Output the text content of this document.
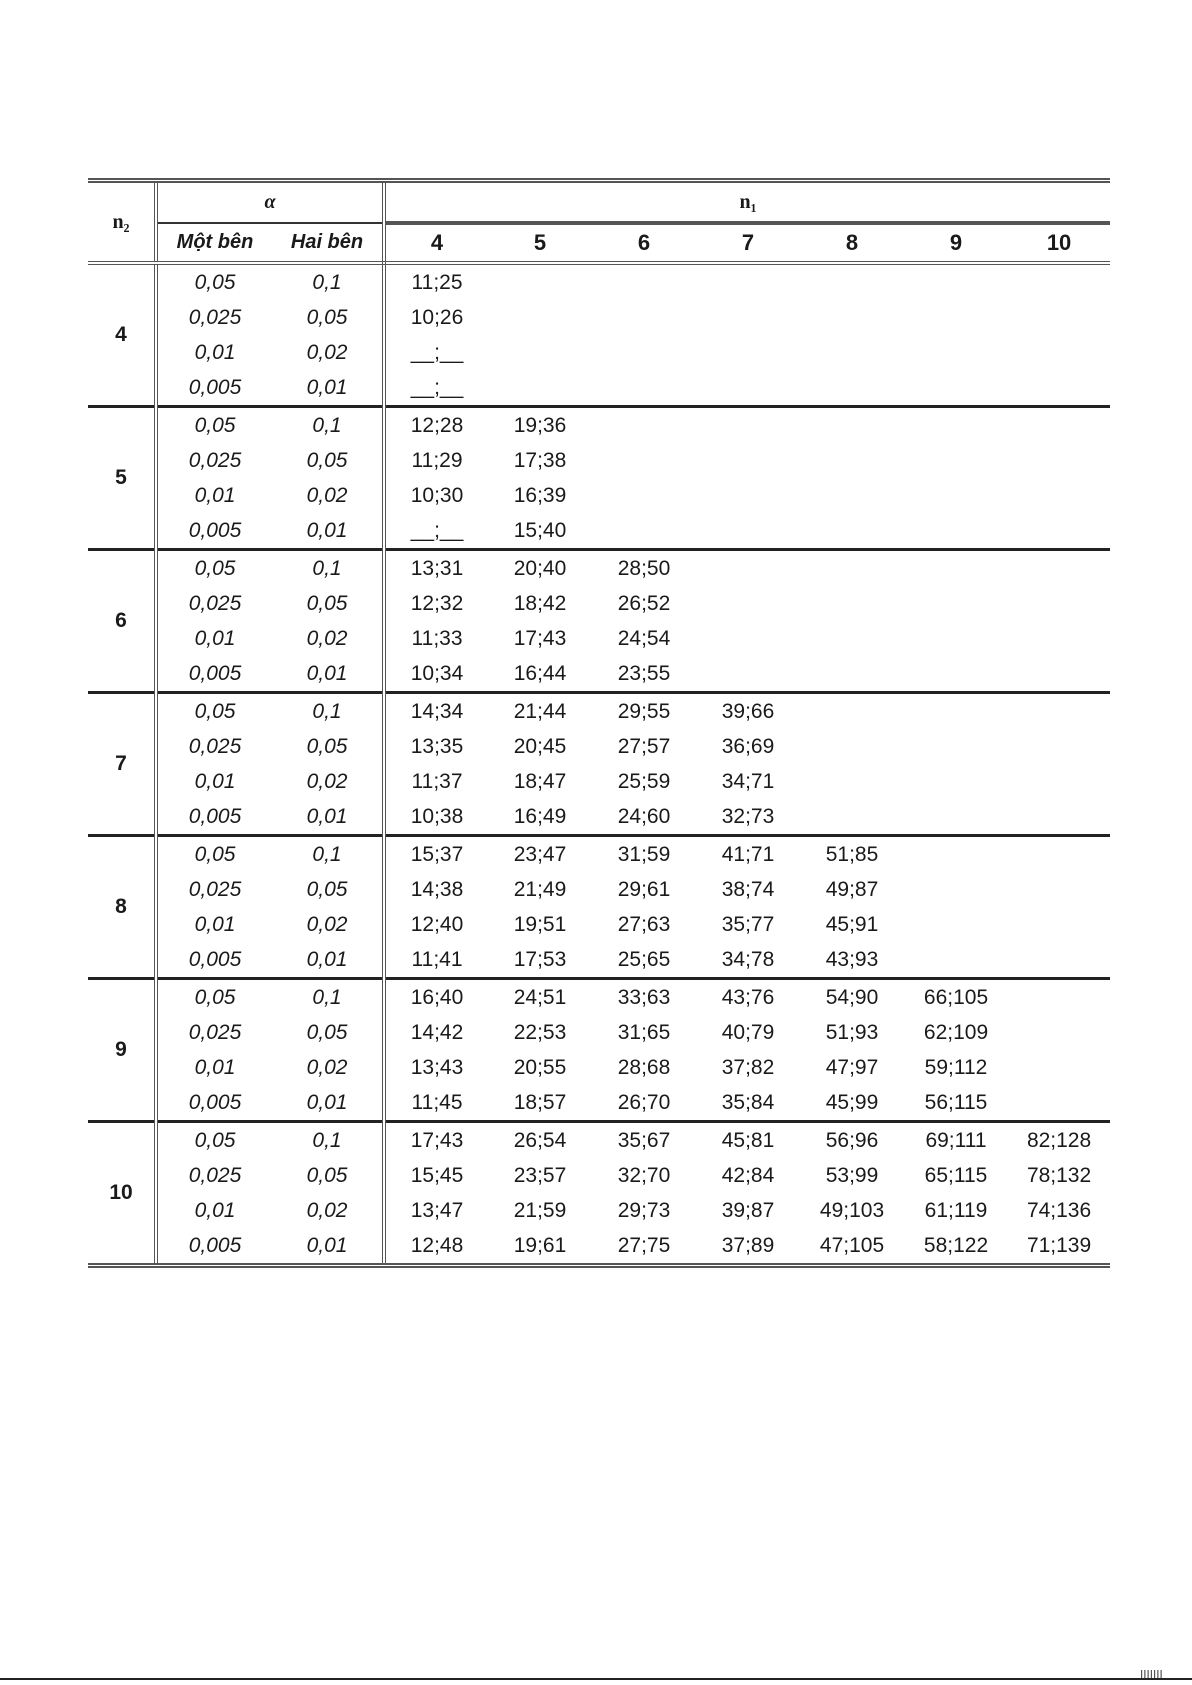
n₂	α		n₁						
	Một bên	Hai bên	4	5	6	7	8	9	10
4	0,05	0,1	11;25						
	0,025	0,05	10;26						
	0,01	0,02	__;__						
	0,005	0,01	__;__						
5	0,05	0,1	12;28	19;36					
	0,025	0,05	11;29	17;38					
	0,01	0,02	10;30	16;39					
	0,005	0,01	__;__	15;40					
6	0,05	0,1	13;31	20;40	28;50				
	0,025	0,05	12;32	18;42	26;52				
	0,01	0,02	11;33	17;43	24;54				
	0,005	0,01	10;34	16;44	23;55				
7	0,05	0,1	14;34	21;44	29;55	39;66			
	0,025	0,05	13;35	20;45	27;57	36;69			
	0,01	0,02	11;37	18;47	25;59	34;71			
	0,005	0,01	10;38	16;49	24;60	32;73			
8	0,05	0,1	15;37	23;47	31;59	41;71	51;85		
	0,025	0,05	14;38	21;49	29;61	38;74	49;87		
	0,01	0,02	12;40	19;51	27;63	35;77	45;91		
	0,005	0,01	11;41	17;53	25;65	34;78	43;93		
9	0,05	0,1	16;40	24;51	33;63	43;76	54;90	66;105	
	0,025	0,05	14;42	22;53	31;65	40;79	51;93	62;109	
	0,01	0,02	13;43	20;55	28;68	37;82	47;97	59;112	
	0,005	0,01	11;45	18;57	26;70	35;84	45;99	56;115	
10	0,05	0,1	17;43	26;54	35;67	45;81	56;96	69;111	82;128
	0,025	0,05	15;45	23;57	32;70	42;84	53;99	65;115	78;132
	0,01	0,02	13;47	21;59	29;73	39;87	49;103	61;119	74;136
	0,005	0,01	12;48	19;61	27;75	37;89	47;105	58;122	71;139
IIIIIII
